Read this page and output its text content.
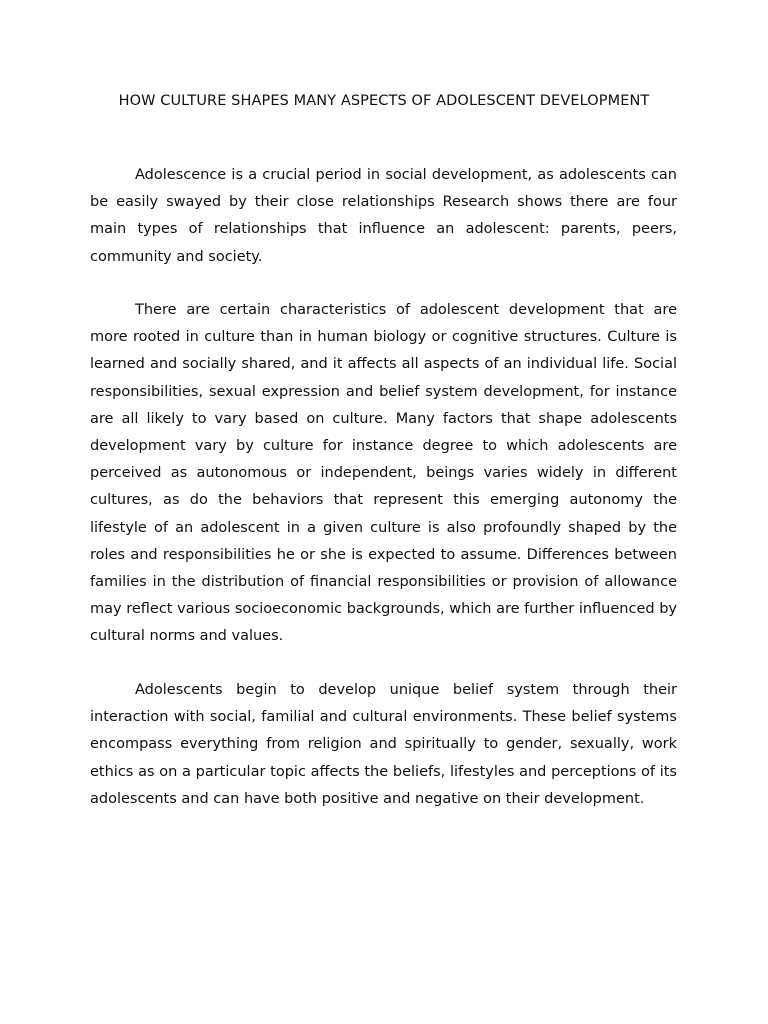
HOW CULTURE SHAPES MANY ASPECTS OF ADOLESCENT DEVELOPMENT

Adolescence is a crucial period in social development, as adolescents can be easily swayed by their close relationships Research shows there are four main types of relationships that influence an adolescent: parents, peers, community and society.

There are certain characteristics of adolescent development that are more rooted in culture than in human biology or cognitive structures. Culture is learned and socially shared, and it affects all aspects of an individual life. Social responsibilities, sexual expression and belief system development, for instance are all likely to vary based on culture. Many factors that shape adolescents development vary by culture for instance degree to which adolescents are perceived as autonomous or independent, beings varies widely in different cultures, as do the behaviors that represent this emerging autonomy the lifestyle of an adolescent in a given culture is also profoundly shaped by the roles and responsibilities he or she is expected to assume. Differences between families in the distribution of financial responsibilities or provision of allowance may reflect various socioeconomic backgrounds, which are further influenced by cultural norms and values.

Adolescents begin to develop unique belief system through their interaction with social, familial and cultural environments. These belief systems encompass everything from religion and spiritually to gender, sexually, work ethics as on a particular topic affects the beliefs, lifestyles and perceptions of its adolescents and can have both positive and negative on their development.
